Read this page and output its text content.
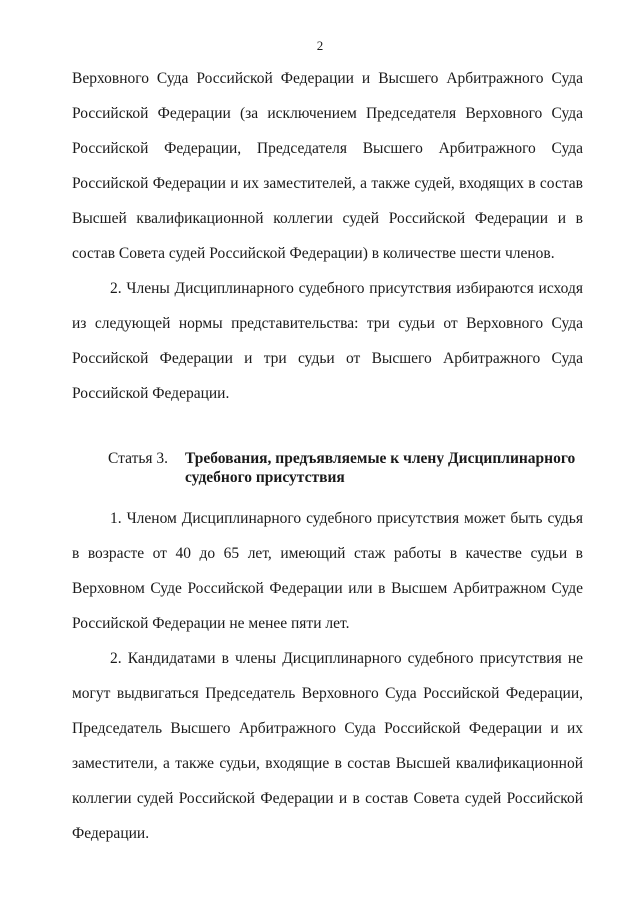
2

Верховного Суда Российской Федерации и Высшего Арбитражного Суда Российской Федерации (за исключением Председателя Верховного Суда Российской Федерации, Председателя Высшего Арбитражного Суда Российской Федерации и их заместителей, а также судей, входящих в состав Высшей квалификационной коллегии судей Российской Федерации и в состав Совета судей Российской Федерации) в количестве шести членов.

2. Члены Дисциплинарного судебного присутствия избираются исходя из следующей нормы представительства: три судьи от Верховного Суда Российской Федерации и три судьи от Высшего Арбитражного Суда Российской Федерации.

Статья 3.	Требования, предъявляемые к члену Дисциплинарного судебного присутствия

1. Членом Дисциплинарного судебного присутствия может быть судья в возрасте от 40 до 65 лет, имеющий стаж работы в качестве судьи в Верховном Суде Российской Федерации или в Высшем Арбитражном Суде Российской Федерации не менее пяти лет.

2. Кандидатами в члены Дисциплинарного судебного присутствия не могут выдвигаться Председатель Верховного Суда Российской Федерации, Председатель Высшего Арбитражного Суда Российской Федерации и их заместители, а также судьи, входящие в состав Высшей квалификационной коллегии судей Российской Федерации и в состав Совета судей Российской Федерации.
